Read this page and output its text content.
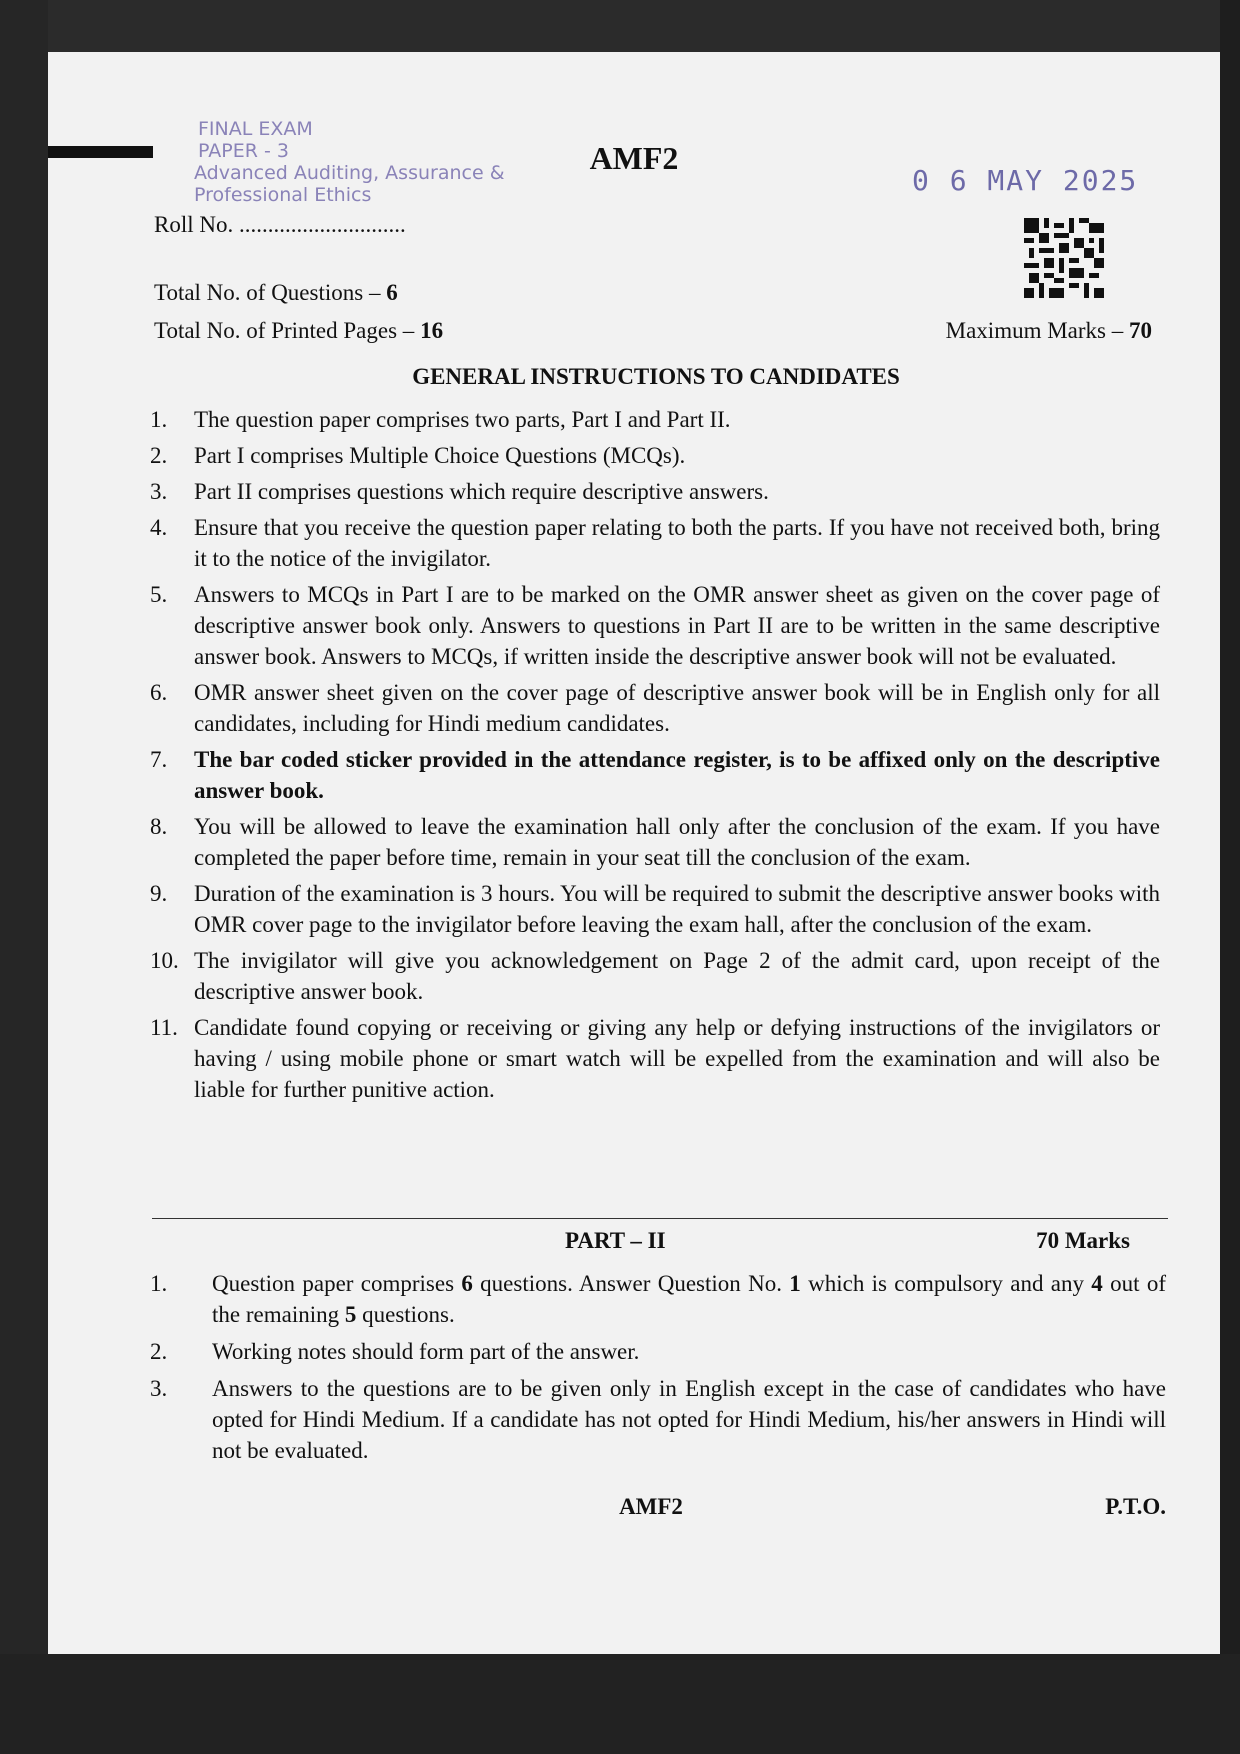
FINAL EXAM
PAPER - 3
Advanced Auditing, Assurance &
Professional Ethics
AMF2
0 6 MAY 2025
Roll No. .............................
Total No. of Questions – 6
Total No. of Printed Pages – 16	Maximum Marks – 70
GENERAL INSTRUCTIONS TO CANDIDATES
1.	The question paper comprises two parts, Part I and Part II.
2.	Part I comprises Multiple Choice Questions (MCQs).
3.	Part II comprises questions which require descriptive answers.
4.	Ensure that you receive the question paper relating to both the parts. If you have not received both, bring it to the notice of the invigilator.
5.	Answers to MCQs in Part I are to be marked on the OMR answer sheet as given on the cover page of descriptive answer book only. Answers to questions in Part II are to be written in the same descriptive answer book. Answers to MCQs, if written inside the descriptive answer book will not be evaluated.
6.	OMR answer sheet given on the cover page of descriptive answer book will be in English only for all candidates, including for Hindi medium candidates.
7.	The bar coded sticker provided in the attendance register, is to be affixed only on the descriptive answer book.
8.	You will be allowed to leave the examination hall only after the conclusion of the exam. If you have completed the paper before time, remain in your seat till the conclusion of the exam.
9.	Duration of the examination is 3 hours. You will be required to submit the descriptive answer books with OMR cover page to the invigilator before leaving the exam hall, after the conclusion of the exam.
10. The invigilator will give you acknowledgement on Page 2 of the admit card, upon receipt of the descriptive answer book.
11. Candidate found copying or receiving or giving any help or defying instructions of the invigilators or having / using mobile phone or smart watch will be expelled from the examination and will also be liable for further punitive action.
PART – II	70 Marks
1.	Question paper comprises 6 questions. Answer Question No. 1 which is compulsory and any 4 out of the remaining 5 questions.
2.	Working notes should form part of the answer.
3.	Answers to the questions are to be given only in English except in the case of candidates who have opted for Hindi Medium. If a candidate has not opted for Hindi Medium, his/her answers in Hindi will not be evaluated.
AMF2	P.T.O.
